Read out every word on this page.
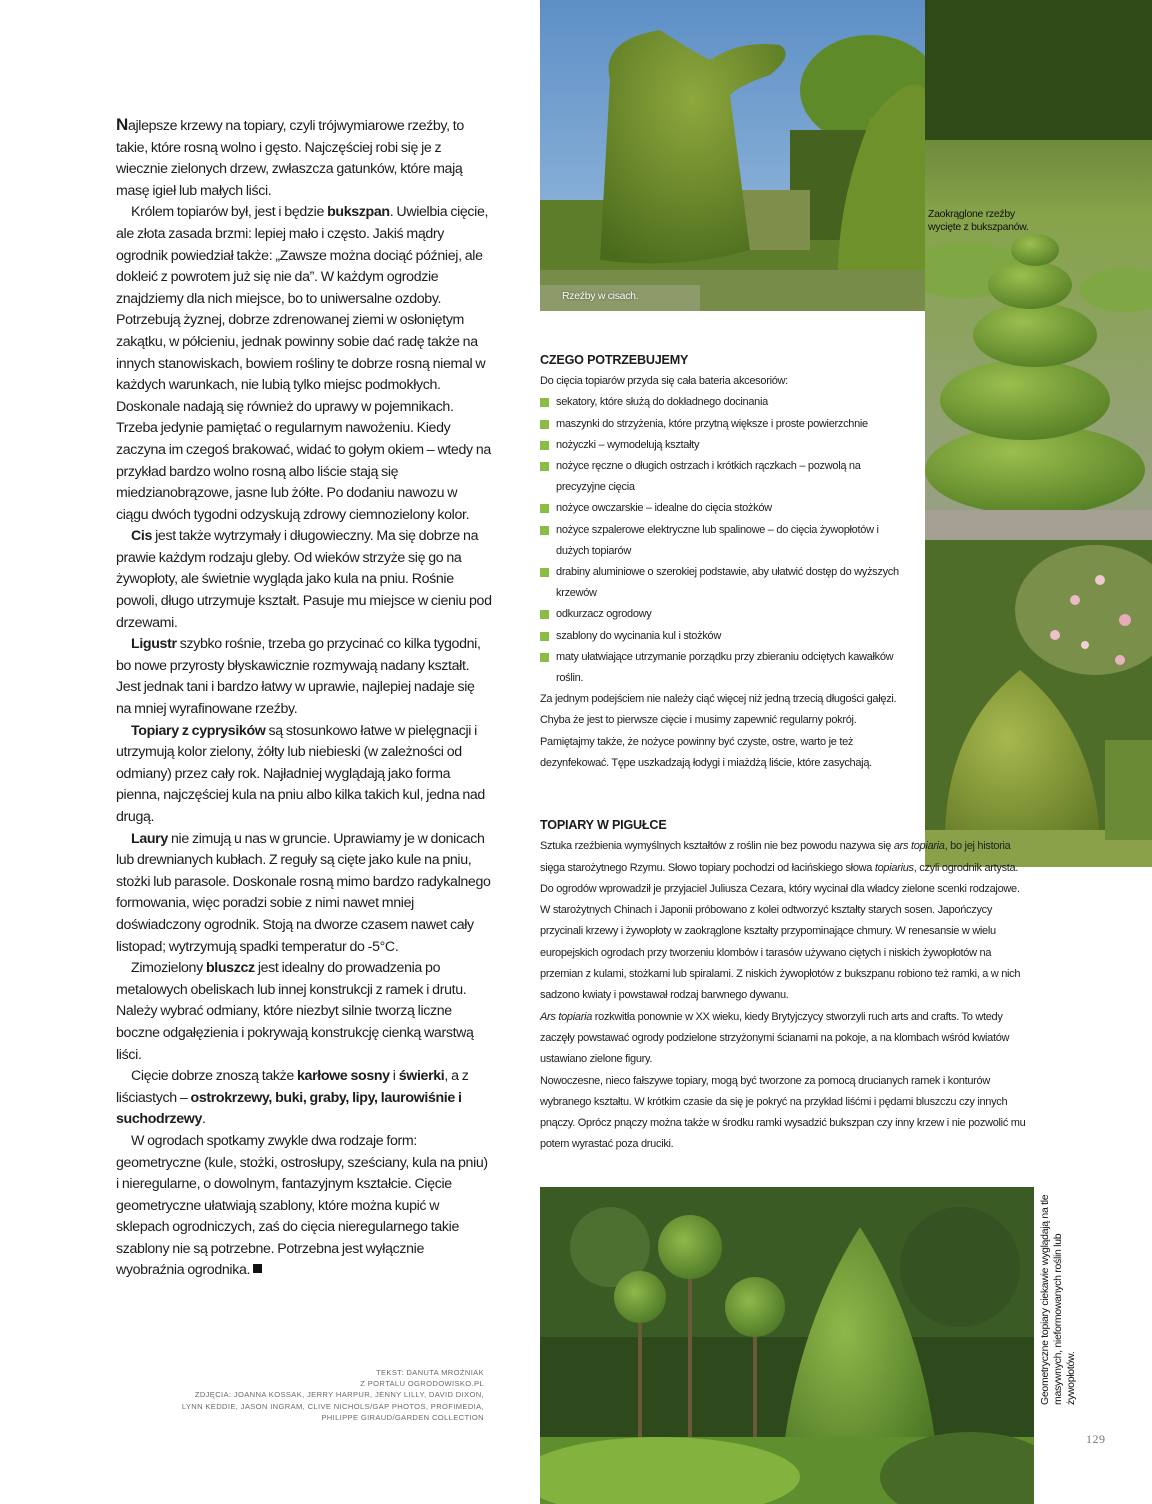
Rzeźby w cisach.
Zaokrąglone rzeźby wycięte z bukszpanów.
Geometryczne topiary ciekawie wyglądają na tle masywnych, nieformowanych roślin lub żywopłotów.

Najlepsze krzewy na topiary, czyli trójwymiarowe rzeźby, to takie, które rosną wolno i gęsto. Najczęściej robi się je z wiecznie zielonych drzew, zwłaszcza gatunków, które mają masę igieł lub małych liści.

Królem topiarów był, jest i będzie bukszpan. Uwielbia cięcie, ale złota zasada brzmi: lepiej mało i często. Jakiś mądry ogrodnik powiedział także: „Zawsze można dociąć później, ale dokleić z powrotem już się nie da”. W każdym ogrodzie znajdziemy dla nich miejsce, bo to uniwersalne ozdoby. Potrzebują żyznej, dobrze zdrenowanej ziemi w osłoniętym zakątku, w półcieniu, jednak powinny sobie dać radę także na innych stanowiskach, bowiem rośliny te dobrze rosną niemal w każdych warunkach, nie lubią tylko miejsc podmokłych. Doskonale nadają się również do uprawy w pojemnikach. Trzeba jedynie pamiętać o regularnym nawożeniu. Kiedy zaczyna im czegoś brakować, widać to gołym okiem – wtedy na przykład bardzo wolno rosną albo liście stają się miedzianobrązowe, jasne lub żółte. Po dodaniu nawozu w ciągu dwóch tygodni odzyskują zdrowy ciemnozielony kolor.

Cis jest także wytrzymały i długowieczny. Ma się dobrze na prawie każdym rodzaju gleby. Od wieków strzyże się go na żywopłoty, ale świetnie wygląda jako kula na pniu. Rośnie powoli, długo utrzymuje kształt. Pasuje mu miejsce w cieniu pod drzewami.

Ligustr szybko rośnie, trzeba go przycinać co kilka tygodni, bo nowe przyrosty błyskawicznie rozmywają nadany kształt. Jest jednak tani i bardzo łatwy w uprawie, najlepiej nadaje się na mniej wyrafinowane rzeźby.

Topiary z cyprysików są stosunkowo łatwe w pielęgnacji i utrzymują kolor zielony, żółty lub niebieski (w zależności od odmiany) przez cały rok. Najładniej wyglądają jako forma pienna, najczęściej kula na pniu albo kilka takich kul, jedna nad drugą.

Laury nie zimują u nas w gruncie. Uprawiamy je w donicach lub drewnianych kubłach. Z reguły są cięte jako kule na pniu, stożki lub parasole. Doskonale rosną mimo bardzo radykalnego formowania, więc poradzi sobie z nimi nawet mniej doświadczony ogrodnik. Stoją na dworze czasem nawet cały listopad; wytrzymują spadki temperatur do -5°C.

Zimozielony bluszcz jest idealny do prowadzenia po metalowych obeliskach lub innej konstrukcji z ramek i drutu. Należy wybrać odmiany, które niezbyt silnie tworzą liczne boczne odgałęzienia i pokrywają konstrukcję cienką warstwą liści.

Cięcie dobrze znoszą także karłowe sosny i świerki, a z liściastych – ostrokrzewy, buki, graby, lipy, laurowiśnie i suchodrzewy.

W ogrodach spotkamy zwykle dwa rodzaje form: geometryczne (kule, stożki, ostrosłupy, sześciany, kula na pniu) i nieregularne, o dowolnym, fantazyjnym kształcie. Cięcie geometryczne ułatwiają szablony, które można kupić w sklepach ogrodniczych, zaś do cięcia nieregularnego takie szablony nie są potrzebne. Potrzebna jest wyłącznie wyobraźnia ogrodnika.

TEKST: DANUTA MROŻNIAK
Z PORTALU OGRODOWISKO.PL
ZDJĘCIA: JOANNA KOSSAK, JERRY HARPUR, JENNY LILLY, DAVID DIXON,
LYNN KEDDIE, JASON INGRAM, CLIVE NICHOLS/GAP PHOTOS, PROFIMEDIA,
PHILIPPE GIRAUD/GARDEN COLLECTION
CZEGO POTRZEBUJEMY

Do cięcia topiarów przyda się cała bateria akcesoriów:

sekatory, które służą do dokładnego docinania
maszynki do strzyżenia, które przytną większe i proste powierzchnie
nożyczki – wymodelują kształty
nożyce ręczne o długich ostrzach i krótkich rączkach – pozwolą na precyzyjne cięcia
nożyce owczarskie – idealne do cięcia stożków
nożyce szpalerowe elektryczne lub spalinowe – do cięcia żywopłotów i dużych topiarów
drabiny aluminiowe o szerokiej podstawie, aby ułatwić dostęp do wyższych krzewów
odkurzacz ogrodowy
szablony do wycinania kul i stożków
maty ułatwiające utrzymanie porządku przy zbieraniu odciętych kawałków roślin.

Za jednym podejściem nie należy ciąć więcej niż jedną trzecią długości gałęzi. Chyba że jest to pierwsze cięcie i musimy zapewnić regularny pokrój. Pamiętajmy także, że nożyce powinny być czyste, ostre, warto je też dezynfekować. Tępe uszkadzają łodygi i miażdżą liście, które zasychają.

TOPIARY W PIGUŁCE

Sztuka rzeźbienia wymyślnych kształtów z roślin nie bez powodu nazywa się ars topiaria, bo jej historia sięga starożytnego Rzymu. Słowo topiary pochodzi od łacińskiego słowa topiarius, czyli ogrodnik artysta. Do ogrodów wprowadził je przyjaciel Juliusza Cezara, który wycinał dla władcy zielone scenki rodzajowe. W starożytnych Chinach i Japonii próbowano z kolei odtworzyć kształty starych sosen. Japończycy przycinali krzewy i żywopłoty w zaokrąglone kształty przypominające chmury. W renesansie w wielu europejskich ogrodach przy tworzeniu klombów i tarasów używano ciętych i niskich żywopłotów na przemian z kulami, stożkami lub spiralami. Z niskich żywopłotów z bukszpanu robiono też ramki, a w nich sadzono kwiaty i powstawał rodzaj barwnego dywanu.

Ars topiaria rozkwitła ponownie w XX wieku, kiedy Brytyjczycy stworzyli ruch arts and crafts. To wtedy zaczęły powstawać ogrody podzielone strzyżonymi ścianami na pokoje, a na klombach wśród kwiatów ustawiano zielone figury.

Nowoczesne, nieco fałszywe topiary, mogą być tworzone za pomocą drucianych ramek i konturów wybranego kształtu. W krótkim czasie da się je pokryć na przykład liśćmi i pędami bluszczu czy innych pnączy. Oprócz pnączy można także w środku ramki wysadzić bukszpan czy inny krzew i nie pozwolić mu potem wyrastać poza druciki.

129
